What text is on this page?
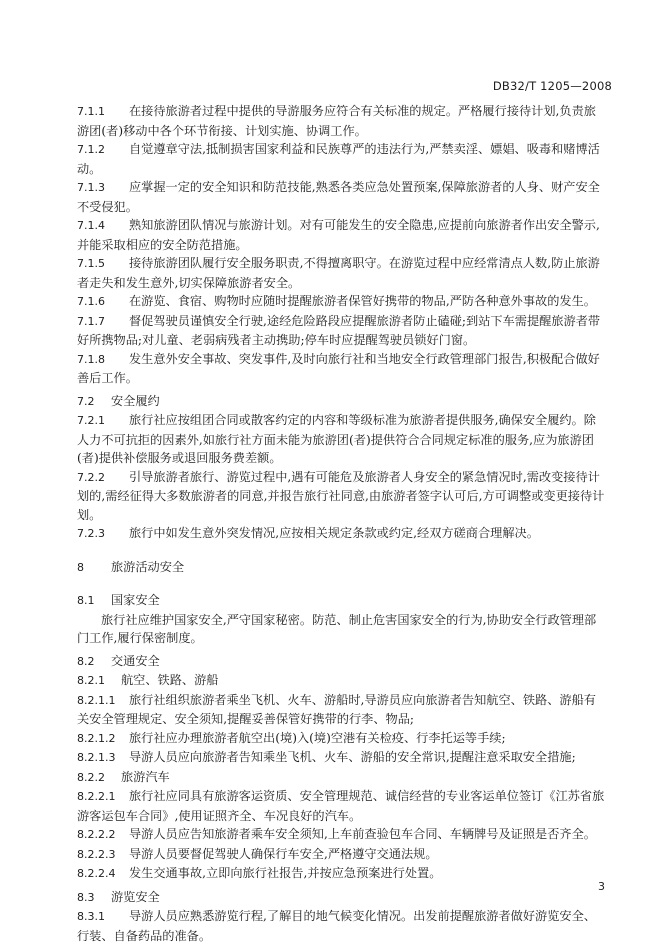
DB32/T 1205—2008
7.1.1 在接待旅游者过程中提供的导游服务应符合有关标准的规定。严格履行接待计划,负责旅游团(者)移动中各个环节衔接、计划实施、协调工作。
7.1.2 自觉遵章守法,抵制损害国家利益和民族尊严的违法行为,严禁卖淫、嫖娼、吸毒和赌博活动。
7.1.3 应掌握一定的安全知识和防范技能,熟悉各类应急处置预案,保障旅游者的人身、财产安全不受侵犯。
7.1.4 熟知旅游团队情况与旅游计划。对有可能发生的安全隐患,应提前向旅游者作出安全警示,并能采取相应的安全防范措施。
7.1.5 接待旅游团队履行安全服务职责,不得擅离职守。在游览过程中应经常清点人数,防止旅游者走失和发生意外,切实保障旅游者安全。
7.1.6 在游览、食宿、购物时应随时提醒旅游者保管好携带的物品,严防各种意外事故的发生。
7.1.7 督促驾驶员谨慎安全行驶,途经危险路段应提醒旅游者防止磕碰;到站下车需提醒旅游者带好所携物品;对儿童、老弱病残者主动携助;停车时应提醒驾驶员锁好门窗。
7.1.8 发生意外安全事故、突发事件,及时向旅行社和当地安全行政管理部门报告,积极配合做好善后工作。
7.2 安全履约
7.2.1 旅行社应按组团合同或散客约定的内容和等级标准为旅游者提供服务,确保安全履约。除人力不可抗拒的因素外,如旅行社方面未能为旅游团(者)提供符合合同规定标准的服务,应为旅游团(者)提供补偿服务或退回服务费差额。
7.2.2 引导旅游者旅行、游览过程中,遇有可能危及旅游者人身安全的紧急情况时,需改变接待计划的,需经征得大多数旅游者的同意,并报告旅行社同意,由旅游者签字认可后,方可调整或变更接待计划。
7.2.3 旅行中如发生意外突发情况,应按相关规定条款或约定,经双方磋商合理解决。
8 旅游活动安全
8.1 国家安全
旅行社应维护国家安全,严守国家秘密。防范、制止危害国家安全的行为,协助安全行政管理部门工作,履行保密制度。
8.2 交通安全
8.2.1 航空、铁路、游船
8.2.1.1 旅行社组织旅游者乘坐飞机、火车、游船时,导游员应向旅游者告知航空、铁路、游船有关安全管理规定、安全须知,提醒妥善保管好携带的行李、物品;
8.2.1.2 旅行社应办理旅游者航空出(境)入(境)空港有关检疫、行李托运等手续;
8.2.1.3 导游人员应向旅游者告知乘坐飞机、火车、游船的安全常识,提醒注意采取安全措施;
8.2.2 旅游汽车
8.2.2.1 旅行社应同具有旅游客运资质、安全管理规范、诚信经营的专业客运单位签订《江苏省旅游客运包车合同》,使用证照齐全、车况良好的汽车。
8.2.2.2 导游人员应告知旅游者乘车安全须知,上车前查验包车合同、车辆牌号及证照是否齐全。
8.2.2.3 导游人员要督促驾驶人确保行车安全,严格遵守交通法规。
8.2.2.4 发生交通事故,立即向旅行社报告,并按应急预案进行处置。
8.3 游览安全
8.3.1 导游人员应熟悉游览行程,了解目的地气候变化情况。出发前提醒旅游者做好游览安全、行装、自备药品的准备。
3
